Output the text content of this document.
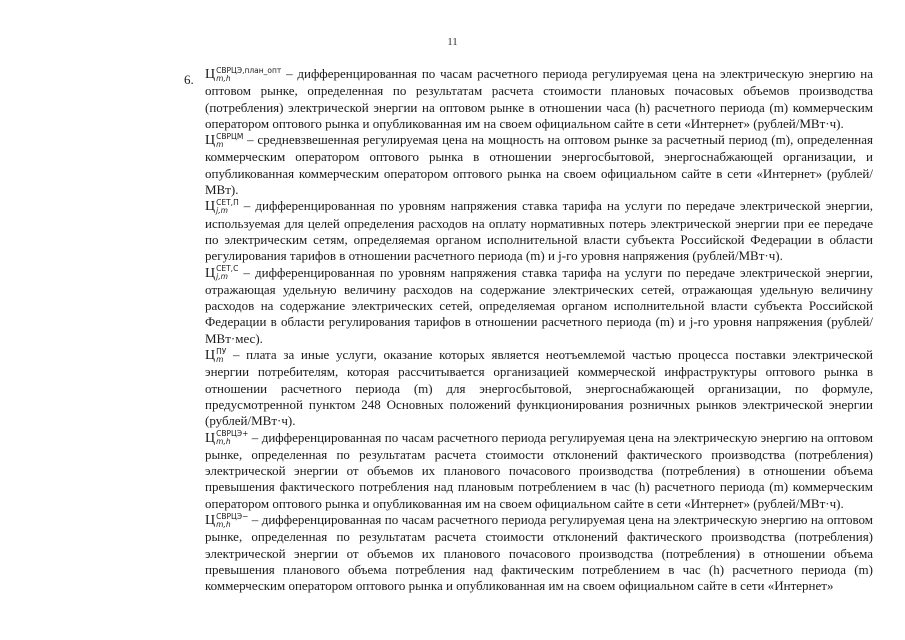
11
6. Ц СВРЦЭ,план_опт
m,h	– дифференцированная по часам расчетного периода регулируемая цена на электрическую энергию на оптовом рынке, определенная по результатам расчета стоимости плановых почасовых объемов производства (потребления) электрической энергии на оптовом рынке в отношении часа (h) расчетного периода (m) коммерческим оператором оптового рынка и опубликованная им на своем официальном сайте в сети «Интернет» (рублей/МВт·ч).

Ц СВРЦМ
m	– средневзвешенная регулируемая цена на мощность на оптовом рынке за расчетный период (m), определенная коммерческим оператором оптового рынка в отношении энергосбытовой, энергоснабжающей организации, и опубликованная коммерческим оператором оптового рынка на своем официальном сайте в сети «Интернет» (рублей/МВт).

Ц СЕТ,П
j,m – дифференцированная по уровням напряжения ставка тарифа на услуги по передаче электрической энергии, используемая для целей определения расходов на оплату нормативных потерь электрической энергии при ее передаче по электрическим сетям, определяемая органом исполнительной власти субъекта Российской Федерации в области регулирования тарифов в отношении расчетного периода (m) и j-го уровня напряжения (рублей/МВт·ч).

Ц СЕТ,С
j,m – дифференцированная по уровням напряжения ставка тарифа на услуги по передаче электрической энергии, отражающая удельную величину расходов на содержание электрических сетей, отражающая удельную величину расходов на содержание электрических сетей, определяемая органом исполнительной власти субъекта Российской Федерации в области регулирования тарифов в отношении расчетного периода (m) и j-го уровня напряжения (рублей/МВт·мес).

Ц ПУ
m – плата за иные услуги, оказание которых является неотъемлемой частью процесса поставки электрической энергии потребителям, которая рассчитывается организацией коммерческой инфраструктуры оптового рынка в отношении расчетного периода (m) для энергосбытовой, энергоснабжающей организации, по формуле, предусмотренной пунктом 248 Основных положений функционирования розничных рынков электрической энергии (рублей/МВт·ч).

Ц СВРЦЭ+
m,h	– дифференцированная по часам расчетного периода регулируемая цена на электрическую энергию на оптовом рынке, определенная по результатам расчета стоимости отклонений фактического производства (потребления) электрической энергии от объемов их планового почасового производства (потребления) в отношении объема превышения фактического потребления над плановым потреблением в час (h) расчетного периода (m) коммерческим оператором оптового рынка и опубликованная им на своем официальном сайте в сети «Интернет» (рублей/МВт·ч).

Ц СВРЦЭ−
m,h	– дифференцированная по часам расчетного периода регулируемая цена на электрическую энергию на оптовом рынке, определенная по результатам расчета стоимости отклонений фактического производства (потребления) электрической энергии от объемов их планового почасового производства (потребления) в отношении объема превышения планового объема потребления над фактическим потреблением в час (h) расчетного периода (m) коммерческим оператором оптового рынка и опубликованная им на своем официальном сайте в сети «Интернет»
